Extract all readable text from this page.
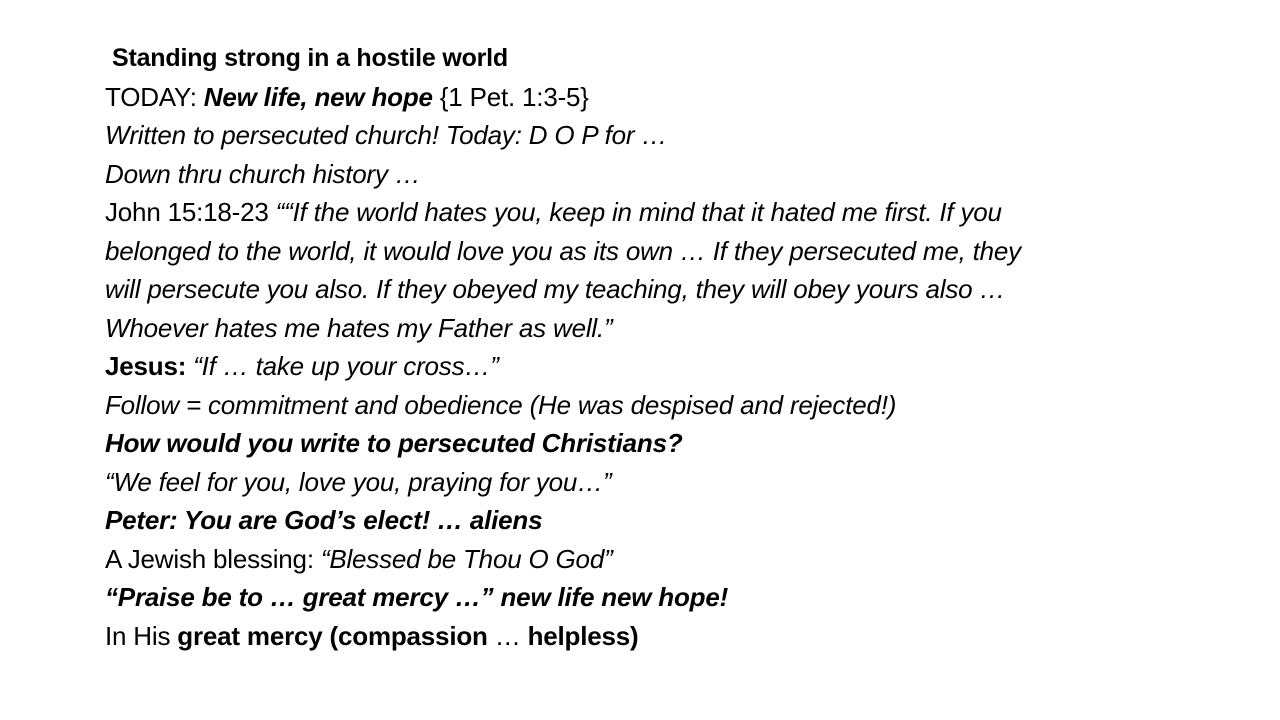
Standing strong in a hostile world
TODAY: New life, new hope {1 Pet. 1:3-5}
Written to persecuted church! Today: D O P for …
Down thru church history …
John 15:18-23 ““If the world hates you, keep in mind that it hated me first. If you
belonged to the world, it would love you as its own … If they persecuted me, they
will persecute you also. If they obeyed my teaching, they will obey yours also …
Whoever hates me hates my Father as well.”
Jesus: “If … take up your cross…”
Follow = commitment and obedience (He was despised and rejected!)
How would you write to persecuted Christians?
“We feel for you, love you, praying for you…”
Peter: You are God’s elect! … aliens
A Jewish blessing: “Blessed be Thou O God”
“Praise be to … great mercy …” new life new hope!
In His great mercy (compassion … helpless)
